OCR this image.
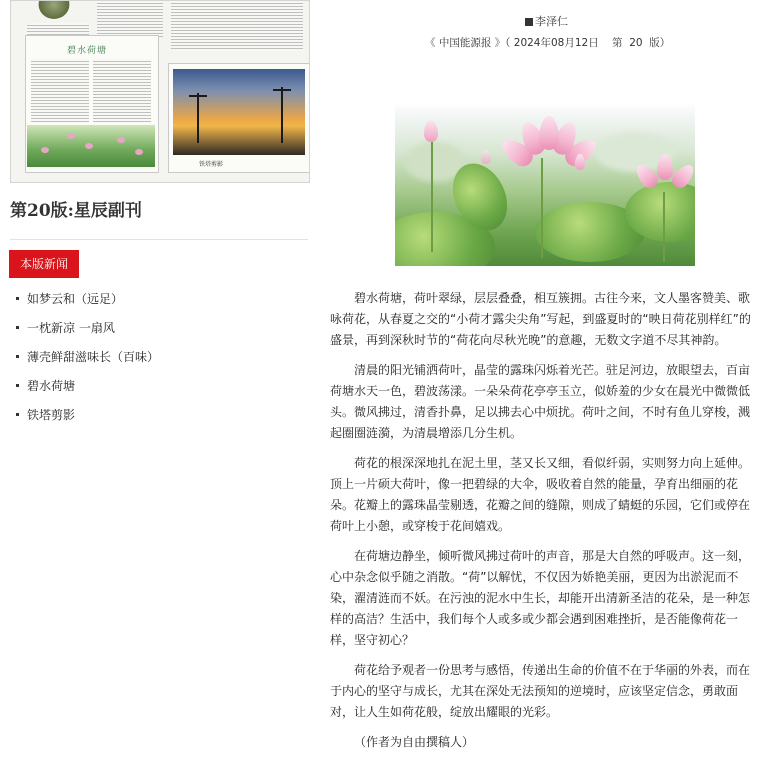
碧水荷塘
铁塔剪影
第20版:星辰副刊
本版新闻
如梦云和（远足）
一枕新凉 一扇风
薄壳鲜甜滋味长（百味）
碧水荷塘
铁塔剪影
李泽仁
《 中国能源报 》（ 2024年08月12日    第  20  版）

碧水荷塘，荷叶翠绿，层层叠叠，相互簇拥。古往今来，文人墨客赞美、歌咏荷花，从春夏之交的“小荷才露尖尖角”写起，到盛夏时的“映日荷花别样红”的盛景，再到深秋时节的“荷花向尽秋光晚”的意趣，无数文字道不尽其神韵。

清晨的阳光铺洒荷叶，晶莹的露珠闪烁着光芒。驻足河边，放眼望去，百亩荷塘水天一色，碧波荡漾。一朵朵荷花亭亭玉立，似娇羞的少女在晨光中微微低头。微风拂过，清香扑鼻，足以拂去心中烦扰。荷叶之间，不时有鱼儿穿梭，溅起圈圈涟漪，为清晨增添几分生机。

荷花的根深深地扎在泥土里，茎又长又细，看似纤弱，实则努力向上延伸。顶上一片硕大荷叶，像一把碧绿的大伞，吸收着自然的能量，孕育出细丽的花朵。花瓣上的露珠晶莹剔透，花瓣之间的缝隙，则成了蜻蜓的乐园，它们或停在荷叶上小憩，或穿梭于花间嬉戏。

在荷塘边静坐，倾听微风拂过荷叶的声音，那是大自然的呼吸声。这一刻，心中杂念似乎随之消散。“荷”以解忧，不仅因为娇艳美丽，更因为出淤泥而不染，濯清涟而不妖。在污浊的泥水中生长，却能开出清新圣洁的花朵，是一种怎样的高洁？生活中，我们每个人或多或少都会遇到困难挫折，是否能像荷花一样，坚守初心？

荷花给予观者一份思考与感悟，传递出生命的价值不在于华丽的外表，而在于内心的坚守与成长，尤其在深处无法预知的逆境时，应该坚定信念，勇敢面对，让人生如荷花般，绽放出耀眼的光彩。

（作者为自由撰稿人）
